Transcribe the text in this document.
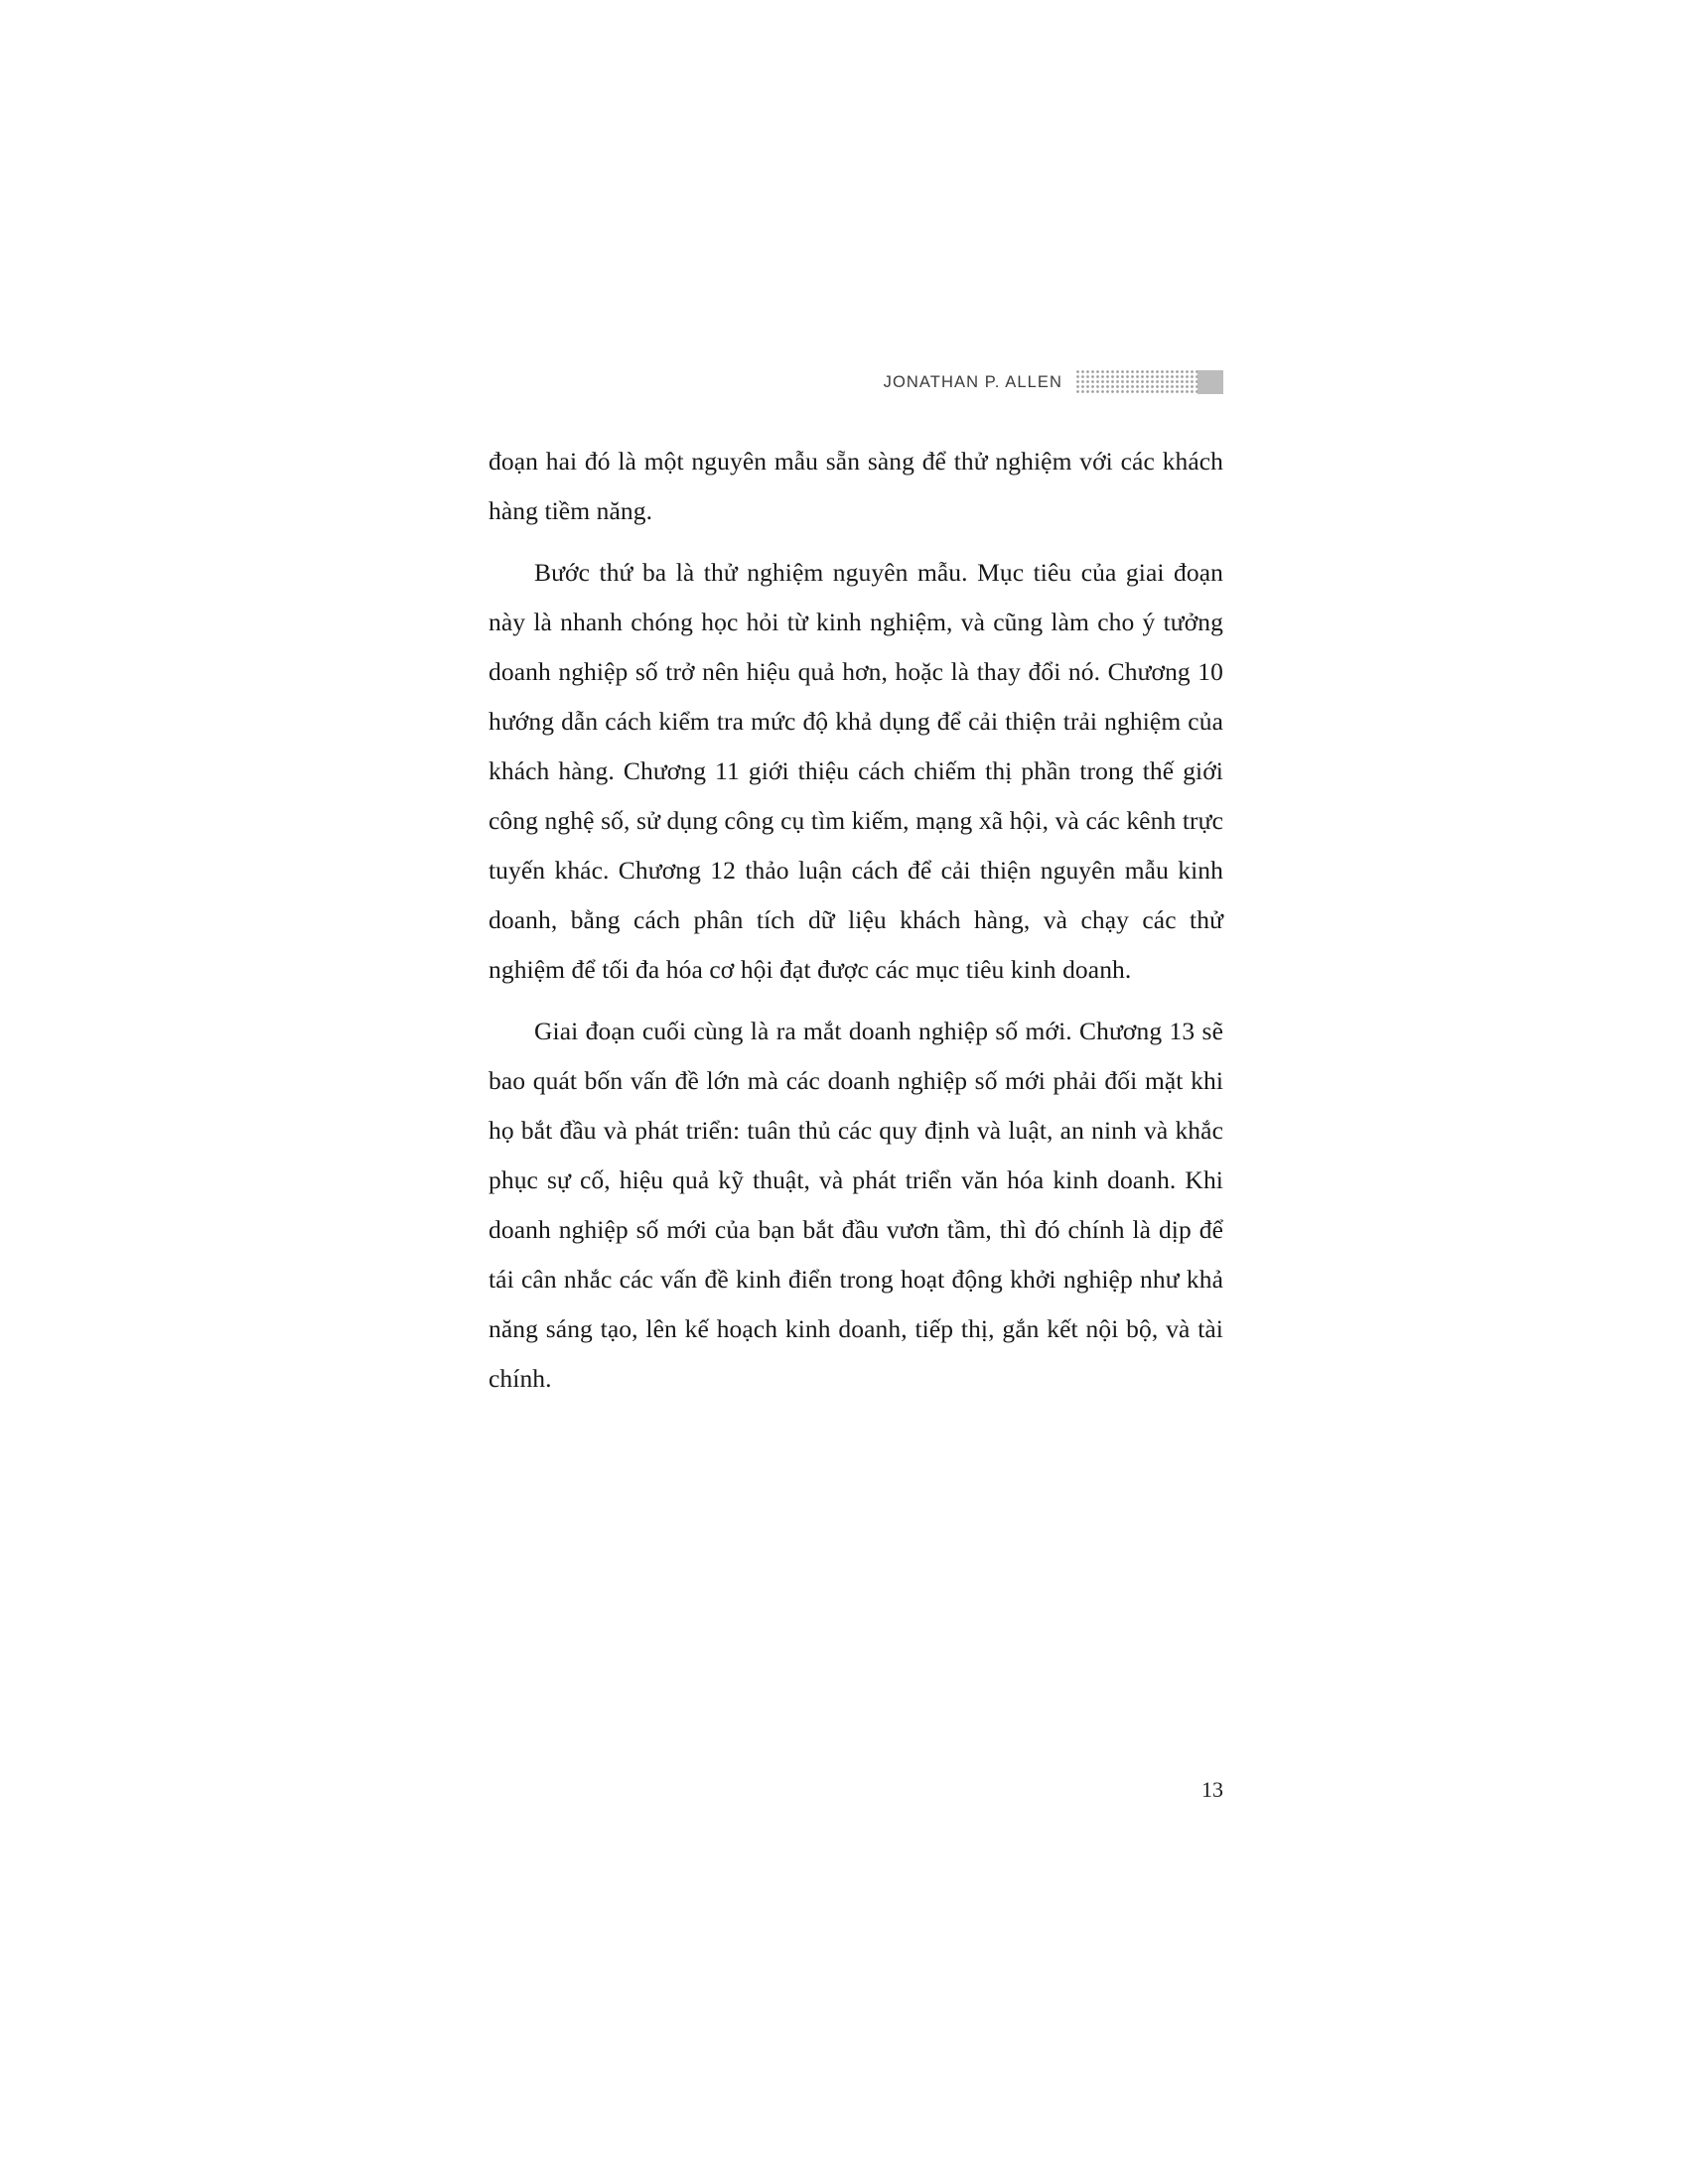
JONATHAN P. ALLEN

đoạn hai đó là một nguyên mẫu sẵn sàng để thử nghiệm với các khách hàng tiềm năng.

Bước thứ ba là thử nghiệm nguyên mẫu. Mục tiêu của giai đoạn này là nhanh chóng học hỏi từ kinh nghiệm, và cũng làm cho ý tưởng doanh nghiệp số trở nên hiệu quả hơn, hoặc là thay đổi nó. Chương 10 hướng dẫn cách kiểm tra mức độ khả dụng để cải thiện trải nghiệm của khách hàng. Chương 11 giới thiệu cách chiếm thị phần trong thế giới công nghệ số, sử dụng công cụ tìm kiếm, mạng xã hội, và các kênh trực tuyến khác. Chương 12 thảo luận cách để cải thiện nguyên mẫu kinh doanh, bằng cách phân tích dữ liệu khách hàng, và chạy các thử nghiệm để tối đa hóa cơ hội đạt được các mục tiêu kinh doanh.

Giai đoạn cuối cùng là ra mắt doanh nghiệp số mới. Chương 13 sẽ bao quát bốn vấn đề lớn mà các doanh nghiệp số mới phải đối mặt khi họ bắt đầu và phát triển: tuân thủ các quy định và luật, an ninh và khắc phục sự cố, hiệu quả kỹ thuật, và phát triển văn hóa kinh doanh. Khi doanh nghiệp số mới của bạn bắt đầu vươn tầm, thì đó chính là dịp để tái cân nhắc các vấn đề kinh điển trong hoạt động khởi nghiệp như khả năng sáng tạo, lên kế hoạch kinh doanh, tiếp thị, gắn kết nội bộ, và tài chính.

13
